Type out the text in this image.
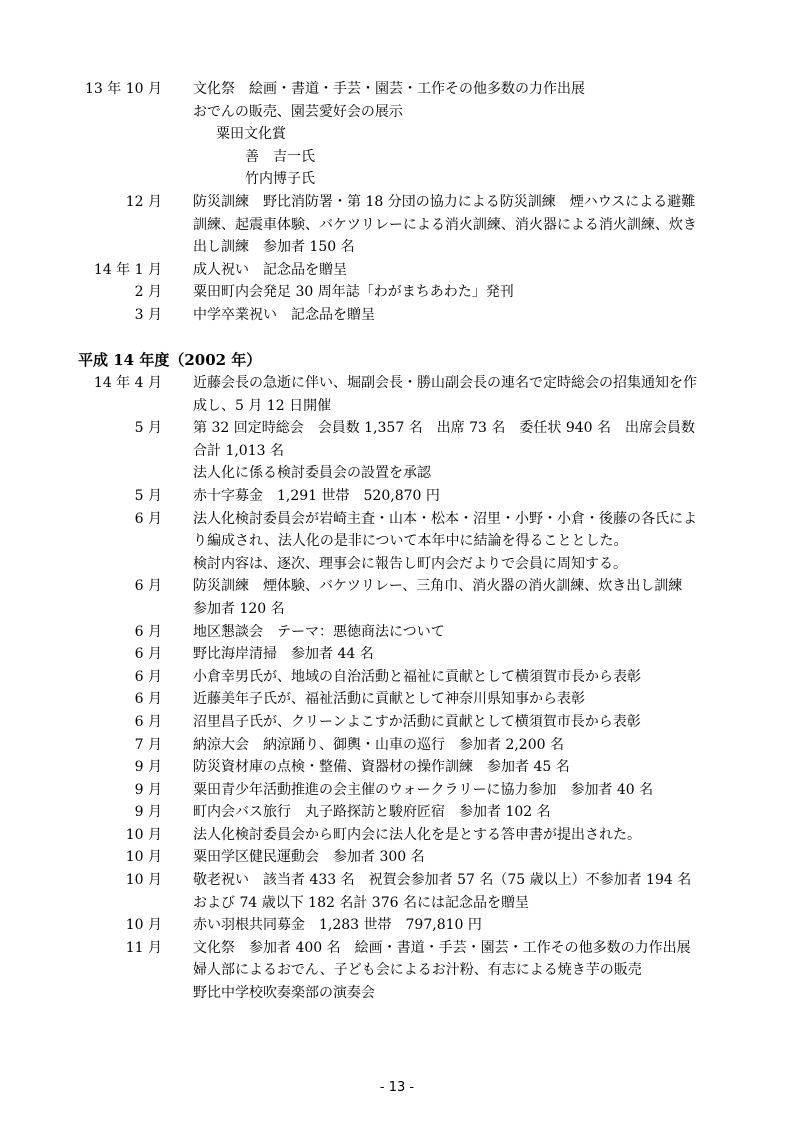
13 年 10 月 文化祭　絵画・書道・手芸・園芸・工作その他多数の力作出展
おでんの販売、園芸愛好会の展示
粟田文化賞
善　吉一氏
竹内博子氏
12 月 防災訓練　野比消防署・第 18 分団の協力による防災訓練　煙ハウスによる避難
訓練、起震車体験、バケツリレーによる消火訓練、消火器による消火訓練、炊き
出し訓練　参加者 150 名
14 年 1 月 成人祝い　記念品を贈呈
2 月 粟田町内会発足 30 周年誌「わがまちあわた」発刊
3 月 中学卒業祝い　記念品を贈呈
平成 14 年度（2002 年）
14 年 4 月 近藤会長の急逝に伴い、堀副会長・勝山副会長の連名で定時総会の招集通知を作
成し、5 月 12 日開催
5 月 第 32 回定時総会　会員数 1,357 名　出席 73 名　委任状 940 名　出席会員数
合計 1,013 名
法人化に係る検討委員会の設置を承認
5 月 赤十字募金　1,291 世帯　520,870 円
6 月 法人化検討委員会が岩崎主査・山本・松本・沼里・小野・小倉・後藤の各氏によ
り編成され、法人化の是非について本年中に結論を得ることとした。
検討内容は、逐次、理事会に報告し町内会だよりで会員に周知する。
6 月 防災訓練　煙体験、バケツリレー、三角巾、消火器の消火訓練、炊き出し訓練
参加者 120 名
6 月 地区懇談会　テーマ：悪徳商法について
6 月 野比海岸清掃　参加者 44 名
6 月 小倉幸男氏が、地域の自治活動と福祉に貢献として横須賀市長から表彰
6 月 近藤美年子氏が、福祉活動に貢献として神奈川県知事から表彰
6 月 沼里昌子氏が、クリーンよこすか活動に貢献として横須賀市長から表彰
7 月 納涼大会　納涼踊り、御輿・山車の巡行　参加者 2,200 名
9 月 防災資材庫の点検・整備、資器材の操作訓練　参加者 45 名
9 月 粟田青少年活動推進の会主催のウォークラリーに協力参加　参加者 40 名
9 月 町内会バス旅行　丸子路探訪と駿府匠宿　参加者 102 名
10 月 法人化検討委員会から町内会に法人化を是とする答申書が提出された。
10 月 粟田学区健民運動会　参加者 300 名
10 月 敬老祝い　該当者 433 名　祝賀会参加者 57 名（75 歳以上）不参加者 194 名
および 74 歳以下 182 名計 376 名には記念品を贈呈
10 月 赤い羽根共同募金　1,283 世帯　797,810 円
11 月 文化祭　参加者 400 名　絵画・書道・手芸・園芸・工作その他多数の力作出展
婦人部によるおでん、子ども会によるお汁粉、有志による焼き芋の販売
野比中学校吹奏楽部の演奏会
- 13 -
